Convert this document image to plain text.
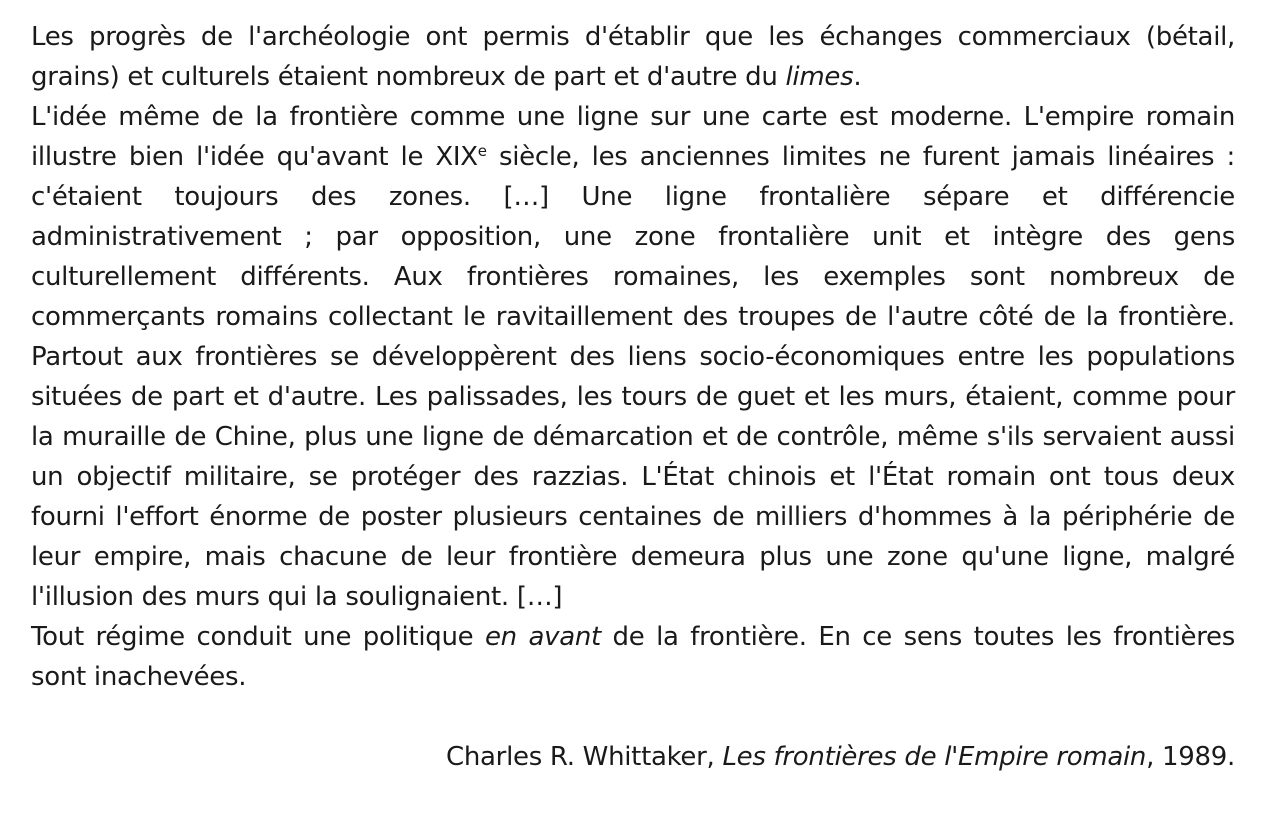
Les progrès de l'archéologie ont permis d'établir que les échanges commerciaux (bétail, grains) et culturels étaient nombreux de part et d'autre du limes.

L'idée même de la frontière comme une ligne sur une carte est moderne. L'empire romain illustre bien l'idée qu'avant le XIXe siècle, les anciennes limites ne furent jamais linéaires : c'étaient toujours des zones. […] Une ligne frontalière sépare et différencie administrativement ; par opposition, une zone frontalière unit et intègre des gens culturellement différents. Aux frontières romaines, les exemples sont nombreux de commerçants romains collectant le ravitaillement des troupes de l'autre côté de la frontière. Partout aux frontières se développèrent des liens socio-économiques entre les populations situées de part et d'autre. Les palissades, les tours de guet et les murs, étaient, comme pour la muraille de Chine, plus une ligne de démarcation et de contrôle, même s'ils servaient aussi un objectif militaire, se protéger des razzias. L'État chinois et l'État romain ont tous deux fourni l'effort énorme de poster plusieurs centaines de milliers d'hommes à la périphérie de leur empire, mais chacune de leur frontière demeura plus une zone qu'une ligne, malgré l'illusion des murs qui la soulignaient. […]

Tout régime conduit une politique en avant de la frontière. En ce sens toutes les frontières sont inachevées.

Charles R. Whittaker, Les frontières de l'Empire romain, 1989.
